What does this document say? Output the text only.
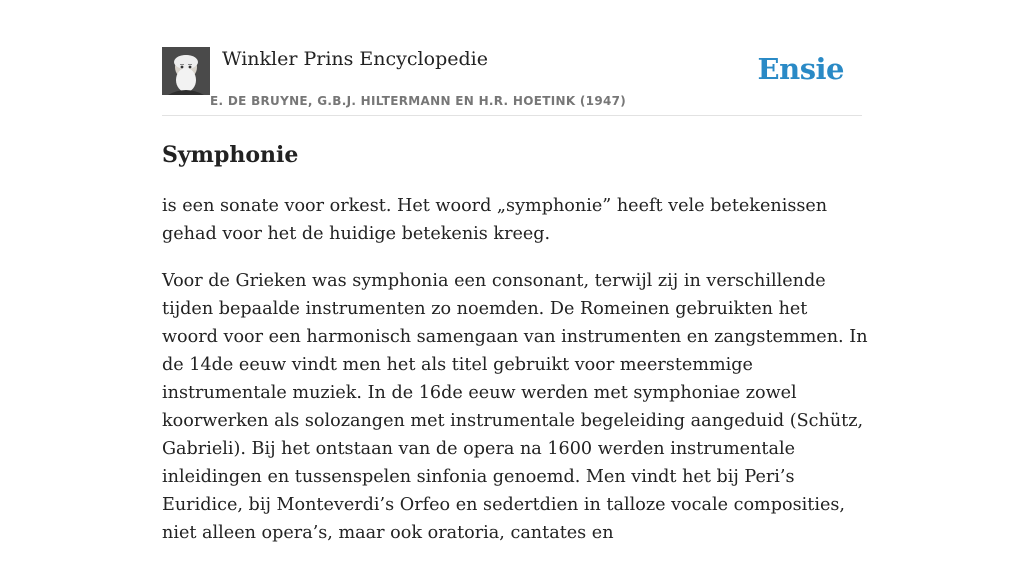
Winkler Prins Encyclopedie
E. DE BRUYNE, G.B.J. HILTERMANN EN H.R. HOETINK (1947)
Ensie
Symphonie

is een sonate voor orkest. Het woord „symphonie” heeft vele betekenissen gehad voor het de huidige betekenis kreeg.

Voor de Grieken was symphonia een consonant, terwijl zij in verschillende tijden bepaalde instrumenten zo noemden. De Romeinen gebruikten het woord voor een harmonisch samengaan van instrumenten en zangstemmen. In de 14de eeuw vindt men het als titel gebruikt voor meerstemmige instrumentale muziek. In de 16de eeuw werden met symphoniae zowel koorwerken als solozangen met instrumentale begeleiding aangeduid (Schütz, Gabrieli). Bij het ontstaan van de opera na 1600 werden instrumentale inleidingen en tussenspelen sinfonia genoemd. Men vindt het bij Peri’s Euridice, bij Monteverdi’s Orfeo en sedertdien in talloze vocale composities, niet alleen opera’s, maar ook oratoria, cantates en
